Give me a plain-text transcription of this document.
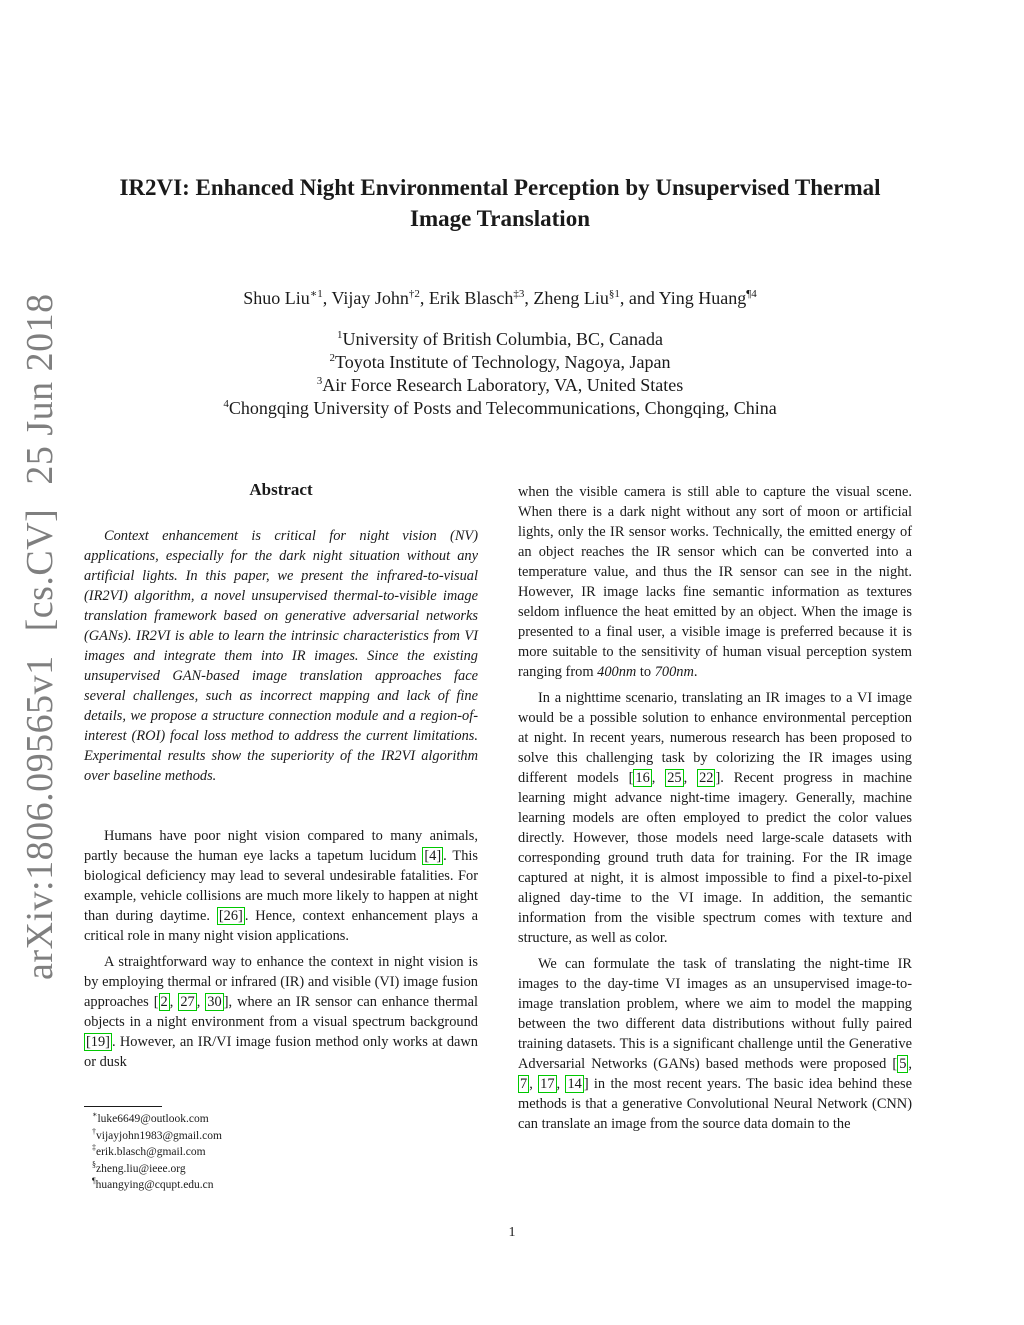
arXiv:1806.09565v1 [cs.CV] 25 Jun 2018
IR2VI: Enhanced Night Environmental Perception by Unsupervised Thermal
Image Translation
Shuo Liu$^{∗1}$, Vijay John$^{\dagger 2}$, Erik Blasch$^{\ddagger 3}$, Zheng Liu$^{\S 1}$, and Ying Huang$^{\P 4}$
$^1$University of British Columbia, BC, Canada
$^2$Toyota Institute of Technology, Nagoya, Japan
$^3$Air Force Research Laboratory, VA, United States
$^4$Chongqing University of Posts and Telecommunications, Chongqing, China
Abstract

Context enhancement is critical for night vision (NV) applications, especially for the dark night situation without any artificial lights. In this paper, we present the infrared-to-visual (IR2VI) algorithm, a novel unsupervised thermal-to-visible image translation framework based on generative adversarial networks (GANs). IR2VI is able to learn the intrinsic characteristics from VI images and integrate them into IR images. Since the existing unsupervised GAN-based image translation approaches face several challenges, such as incorrect mapping and lack of fine details, we propose a structure connection module and a region-of-interest (ROI) focal loss method to address the current limitations. Experimental results show the superiority of the IR2VI algorithm over baseline methods.

Humans have poor night vision compared to many animals, partly because the human eye lacks a tapetum lucidum [4] . This biological deficiency may lead to several undesirable fatalities. For example, vehicle collisions are much more likely to happen at night than during daytime. [26] . Hence, context enhancement plays a critical role in many night vision applications.

A straightforward way to enhance the context in night vision is by employing thermal or infrared (IR) and visible (VI) image fusion approaches [ 2 , 27 , 30 ], where an IR sensor can enhance thermal objects in a night environment from a visual spectrum background [19] . However, an IR/VI image fusion method only works at dawn or dusk

∗luke6649@outlook.com
†vijayjohn1983@gmail.com
‡erik.blasch@gmail.com
§zheng.liu@ieee.org
¶huangying@cqupt.edu.cn

when the visible camera is still able to capture the visual scene. When there is a dark night without any sort of moon or artificial lights, only the IR sensor works. Technically, the emitted energy of an object reaches the IR sensor which can be converted into a temperature value, and thus the IR sensor can see in the night. However, IR image lacks fine semantic information as textures seldom influence the heat emitted by an object. When the image is presented to a final user, a visible image is preferred because it is more suitable to the sensitivity of human visual perception system ranging from 400nm to 700nm.

In a nighttime scenario, translating an IR images to a VI image would be a possible solution to enhance environmental perception at night. In recent years, numerous research has been proposed to solve this challenging task by colorizing the IR images using different models [ 16 , 25 , 22 ]. Recent progress in machine learning might advance night-time imagery. Generally, machine learning models are often employed to predict the color values directly. However, those models need large-scale datasets with corresponding ground truth data for training. For the IR image captured at night, it is almost impossible to find a pixel-to-pixel aligned day-time to the VI image. In addition, the semantic information from the visible spectrum comes with texture and structure, as well as color.

We can formulate the task of translating the night-time IR images to the day-time VI images as an unsupervised image-to-image translation problem, where we aim to model the mapping between the two different data distributions without fully paired training datasets. This is a significant challenge until the Generative Adversarial Networks (GANs) based methods were proposed [ 5 , 7 , 17 , 14 ] in the most recent years. The basic idea behind these methods is that a generative Convolutional Neural Network (CNN) can translate an image from the source data domain to the

1
